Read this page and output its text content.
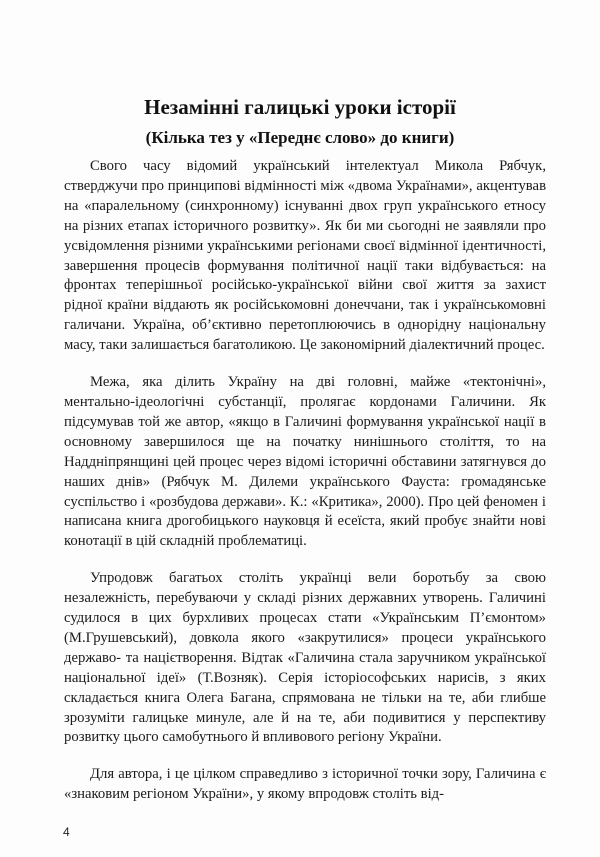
Незамінні галицькі уроки історії
(Кілька тез у «Переднє слово» до книги)

Свого часу відомий український інтелектуал Микола Рябчук, стверджучи про принципові відмінності між «двома Українами», акцентував на «паралельному (синхронному) існуванні двох груп українського етносу на різних етапах історичного розвитку». Як би ми сьогодні не заявляли про усвідомлення різними українськими регіонами своєї відмінної ідентичності, завершення процесів формування політичної нації таки відбувається: на фронтах теперішньої російсько-української війни свої життя за захист рідної країни віддають як російськомовні донеччани, так і українськомовні галичани. Україна, об’єктивно перетоплюючись в однорідну національну масу, таки залишається багатоликою. Це закономірний діалектичний процес.

Межа, яка ділить Україну на дві головні, майже «тектонічні», ментально-ідеологічні субстанції, пролягає кордонами Галичини. Як підсумував той же автор, «якщо в Галичині формування української нації в основному завершилося ще на початку нинішнього століття, то на Наддніпрянщині цей процес через відомі історичні обставини затягнувся до наших днів» (Рябчук М. Дилеми українського Фауста: громадянське суспільство і «розбудова держави». К.: «Критика», 2000). Про цей феномен і написана книга дрогобицького науковця й есеїста, який пробує знайти нові конотації в цій складній проблематиці.

Упродовж багатьох століть українці вели боротьбу за свою незалежність, перебуваючи у складі різних державних утворень. Галичині судилося в цих бурхливих процесах стати «Українським П’ємонтом» (М.Грушевський), довкола якого «закрутилися» процеси українського державо- та націєтворення. Відтак «Галичина стала заручником української національної ідеї» (Т.Возняк). Серія історіософських нарисів, з яких складається книга Олега Багана, спрямована не тільки на те, аби глибше зрозуміти галицьке минуле, але й на те, аби подивитися у перспективу розвитку цього самобутнього й впливового регіону України.

Для автора, і це цілком справедливо з історичної точки зору, Галичина є «знаковим регіоном України», у якому впродовж століть від-

4
